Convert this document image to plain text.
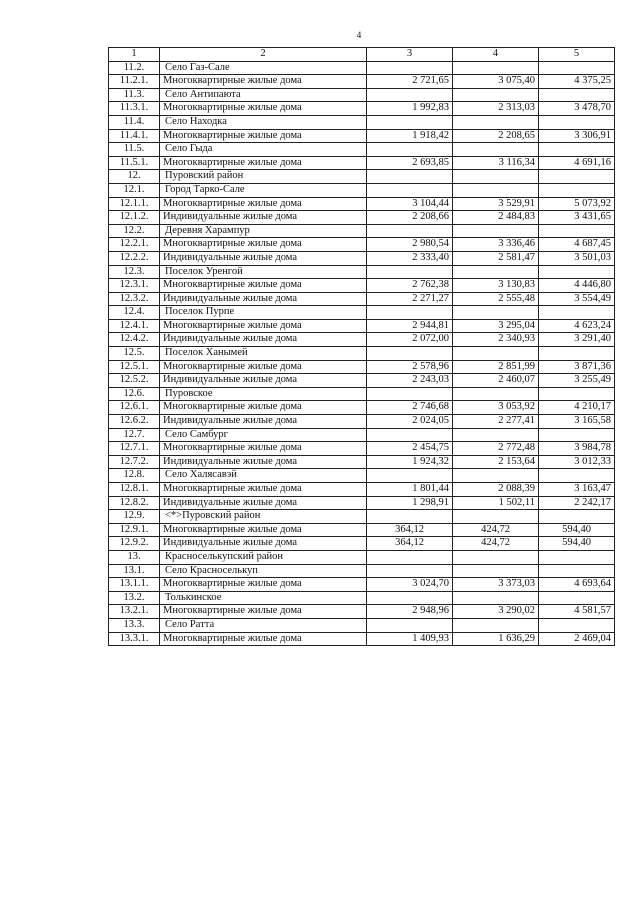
4
1	2	3	4	5
11.2.	Село Газ-Сале			
11.2.1.	Многоквартирные жилые дома	2 721,65	3 075,40	4 375,25
11.3.	Село Антипаюта			
11.3.1.	Многоквартирные жилые дома	1 992,83	2 313,03	3 478,70
11.4.	Село Находка			
11.4.1.	Многоквартирные жилые дома	1 918,42	2 208,65	3 306,91
11.5.	Село Гыда			
11.5.1.	Многоквартирные жилые дома	2 693,85	3 116,34	4 691,16
12.	Пуровский район			
12.1.	Город Тарко-Сале			
12.1.1.	Многоквартирные жилые дома	3 104,44	3 529,91	5 073,92
12.1.2.	Индивидуальные жилые дома	2 208,66	2 484,83	3 431,65
12.2.	Деревня Харампур			
12.2.1.	Многоквартирные жилые дома	2 980,54	3 336,46	4 687,45
12.2.2.	Индивидуальные жилые дома	2 333,40	2 581,47	3 501,03
12.3.	Поселок Уренгой			
12.3.1.	Многоквартирные жилые дома	2 762,38	3 130,83	4 446,80
12.3.2.	Индивидуальные жилые дома	2 271,27	2 555,48	3 554,49
12.4.	Поселок Пурпе			
12.4.1.	Многоквартирные жилые дома	2 944,81	3 295,04	4 623,24
12.4.2.	Индивидуальные жилые дома	2 072,00	2 340,93	3 291,40
12.5.	Поселок Ханымей			
12.5.1.	Многоквартирные жилые дома	2 578,96	2 851,99	3 871,36
12.5.2.	Индивидуальные жилые дома	2 243,03	2 460,07	3 255,49
12.6.	Пуровское			
12.6.1.	Многоквартирные жилые дома	2 746,68	3 053,92	4 210,17
12.6.2.	Индивидуальные жилые дома	2 024,05	2 277,41	3 165,58
12.7.	Село Самбург			
12.7.1.	Многоквартирные жилые дома	2 454,75	2 772,48	3 984,78
12.7.2.	Индивидуальные жилые дома	1 924,32	2 153,64	3 012,33
12.8.	Село Халясавэй			
12.8.1.	Многоквартирные жилые дома	1 801,44	2 088,39	3 163,47
12.8.2.	Индивидуальные жилые дома	1 298,91	1 502,11	2 242,17
12.9.	<*>Пуровский район			
12.9.1.	Многоквартирные жилые дома	364,12	424,72	594,40
12.9.2.	Индивидуальные жилые дома	364,12	424,72	594,40
13.	Красноселькупский район			
13.1.	Село Красноселькуп			
13.1.1.	Многоквартирные жилые дома	3 024,70	3 373,03	4 693,64
13.2.	Толькинское			
13.2.1.	Многоквартирные жилые дома	2 948,96	3 290,02	4 581,57
13.3.	Село Ратта			
13.3.1.	Многоквартирные жилые дома	1 409,93	1 636,29	2 469,04
